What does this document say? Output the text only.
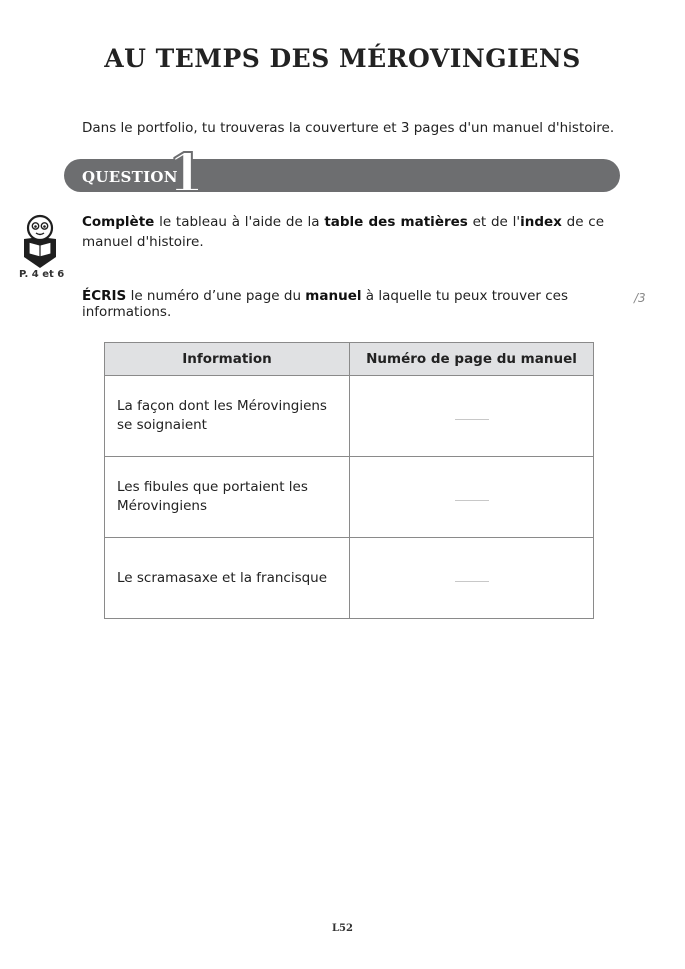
AU TEMPS DES MÉROVINGIENS
Dans le portfolio, tu trouveras la couverture et 3 pages d'un manuel d'histoire.
QUESTION
1
P. 4 et 6
Complète le tableau à l'aide de la table des matières et de l'index de ce manuel d'histoire.
ÉCRIS le numéro d’une page du manuel à laquelle tu peux trouver ces informations.
/3
Information	Numéro de page du manuel
La façon dont les Mérovingiens se soignaient	
Les fibules que portaient les Mérovingiens	
Le scramasaxe et la francisque	
L52
